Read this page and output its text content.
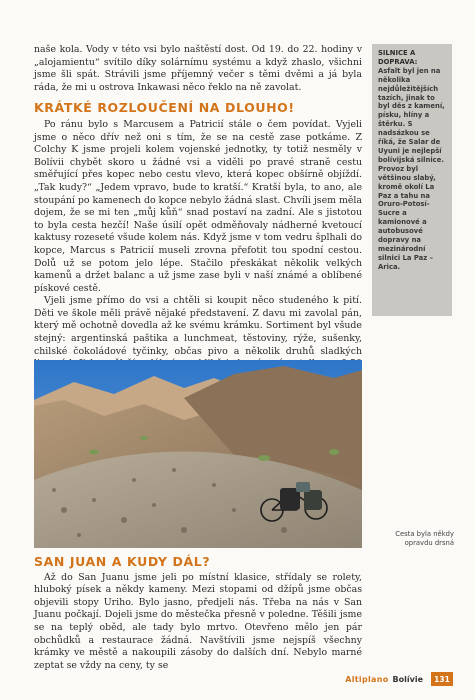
naše kola. Vody v této vsi bylo naštěstí dost. Od 19. do 22. hodiny v „alojamientu“ svítilo díky solárnímu systému a když zhaslo, všichni jsme šli spát. Strávili jsme příjemný večer s těmi dvěmi a já byla ráda, že mi u ostrova Inkawasi něco řeklo na ně zavolat.

KRÁTKÉ ROZLOUČENÍ NA DLOUHO!

Po ránu bylo s Marcusem a Patricií stále o čem povídat. Vyjeli jsme o něco dřív než oni s tím, že se na cestě zase potkáme. Z Colchy K jsme projeli kolem vojenské jednotky, ty totiž nesměly v Bolívii chybět skoro u žádné vsi a viděli po pravé straně cestu směřující přes kopec nebo cestu vlevo, která kopec obšírně objíždí. „Tak kudy?“ „Jedem vpravo, bude to kratší.“ Kratší byla, to ano, ale stoupání po kamenech do kopce nebylo žádná slast. Chvíli jsem měla dojem, že se mi ten „můj kůň“ snad postaví na zadní. Ale s jistotou to byla cesta hezčí! Naše úsilí opět odměňovaly nádherné kvetoucí kaktusy rozeseté všude kolem nás. Když jsme v tom vedru šplhali do kopce, Marcus s Patricií museli zrovna přefotit tou spodní cestou. Dolů už se potom jelo lépe. Stačilo přeskákat několik velkých kamenů a držet balanc a už jsme zase byli v naší známé a oblíbené pískové cestě.

Vjeli jsme přímo do vsi a chtěli si koupit něco studeného k pití. Děti ve škole měli právě nějaké představení. Z davu mi zavolal pán, který mě ochotně dovedla až ke svému krámku. Sortiment byl všude stejný: argentinská paštika a lunchmeat, těstoviny, rýže, sušenky, chilské čokoládové tyčinky, občas pivo a několik druhů sladkých

SILNICE A DOPRAVA:
Asfalt byl jen na několika nejdůležitějších tazích, jinak to byl děs z kamení, písku, hlíny a štěrku. S nadsázkou se říká, že Salar de Uyuni je nejlepší bolívijská silnice. Provoz byl většinou slabý, kromě okolí La Paz a tahu na Oruro-Potosí-Sucre a kamionové a autobusové dopravy na mezinárodní silnici La Paz – Arica.
Cesta byla někdy opravdu drsná
SAN JUAN A KUDY DÁL?

Až do San Juanu jsme jeli po místní klasice, střídaly se rolety, hluboký písek a někdy kameny. Mezi stopami od džípů jsme občas objevili stopy Uriho. Bylo jasno, předjeli nás. Třeba na nás v San Juanu počkají. Dojeli jsme do městečka přesně v poledne. Těšili jsme se na teplý oběd, ale tady bylo mrtvo. Otevřeno mělo jen pár obchůdků a restaurace žádná. Navštívili jsme nejspíš všechny krámky ve městě a nakoupili zásoby do dalších dní. Nebylo marné zeptat se vždy na ceny, ty se

Altiplano Bolívie	131
